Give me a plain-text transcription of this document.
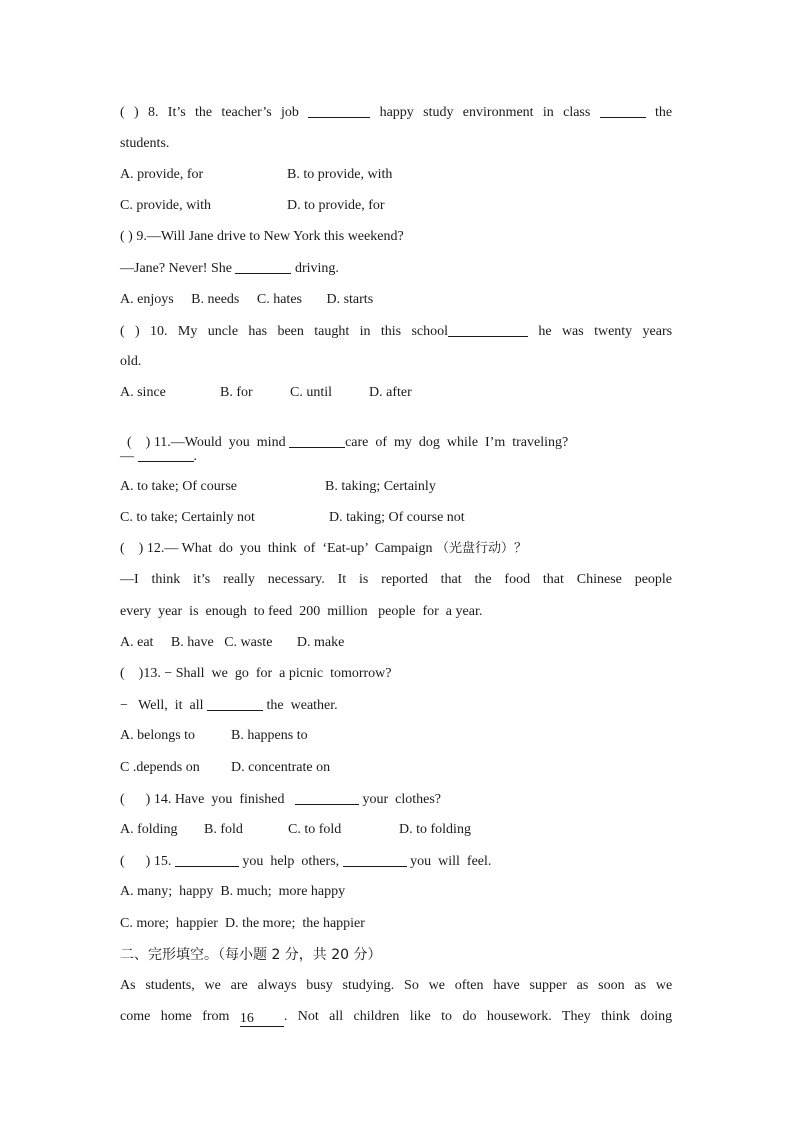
( ) 8. It’s the teacher’s job	happy study environment in class	the
students.
A. provide, for	B. to provide, with
C. provide, with	D. to provide, for
( ) 9.—Will Jane drive to New York this weekend?
—Jane? Never! She	driving.
A. enjoys     B. needs     C. hates       D. starts
( ) 10. My uncle has been taught in this school	he was twenty years
old.
A. since	B. for	C. until	D. after

(    ) 11.—Would  you  mind	care  of  my  dog  while  I’m  traveling?

—	.
A. to take; Of course	B. taking; Certainly
C. to take; Certainly not	D. taking; Of course not
(    ) 12.— What  do  you  think  of  ‘Eat-up’  Campaign （光盘行动）？
—I think it’s really necessary. It is reported that the food that Chinese people
every  year  is  enough  to feed  200  million   people  for  a year.
A. eat     B. have   C. waste       D. make
(    )13. − Shall  we  go  for  a picnic  tomorrow?
−   Well,  it  all	the  weather.
A. belongs to	B. happens to
C .depends on D. concentrate on
(      ) 14. Have  you  finished	your  clothes?
A. folding B. fold	C. to fold	D. to folding
(      ) 15.	you  help  others,	you  will  feel.
A. many;  happy  B. much;  more happy
C. more;  happier  D. the more;  the happier
二、完形填空。（每小题 2 分，共 20 分）
As students, we are always busy studying. So we often have supper as soon as we
come home from 16 . Not all children like to do housework. They think doing
